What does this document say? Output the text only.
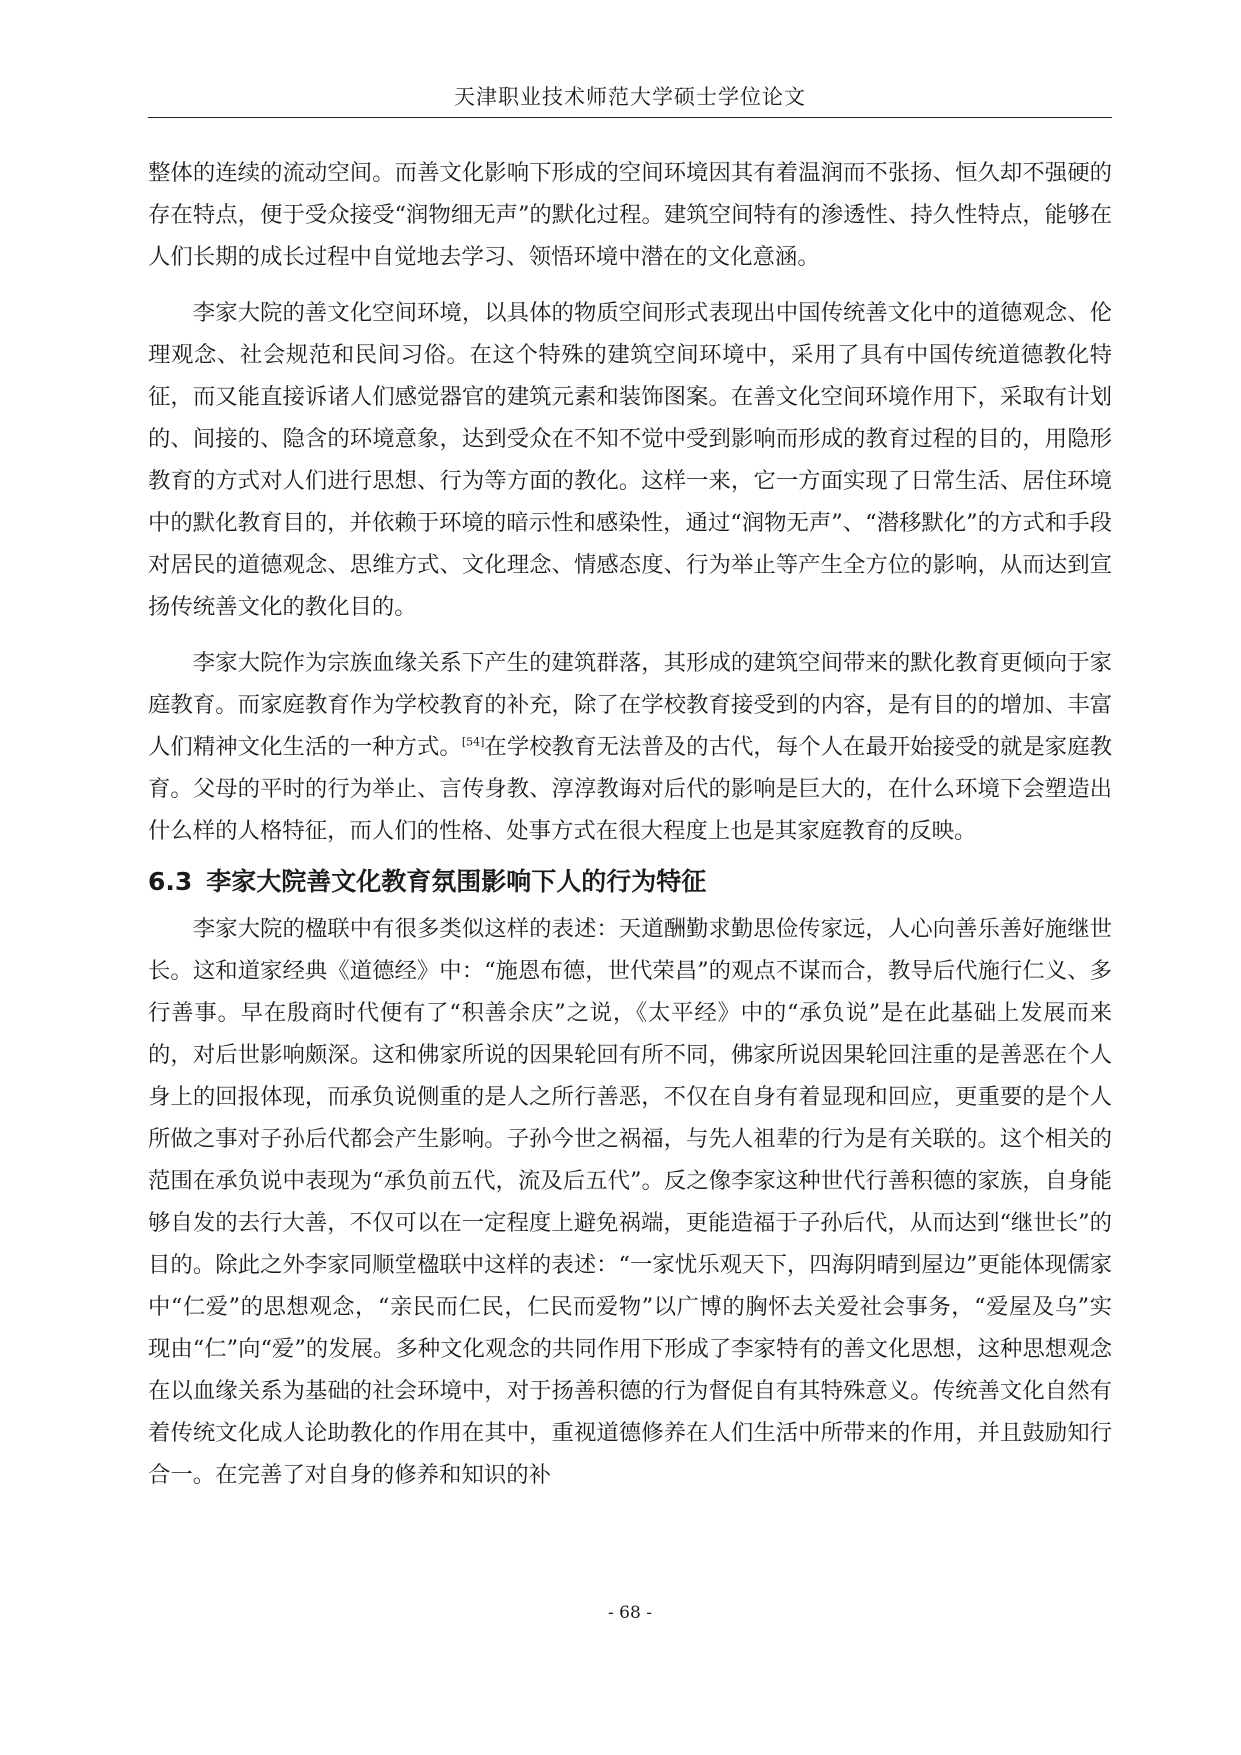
天津职业技术师范大学硕士学位论文

整体的连续的流动空间。而善文化影响下形成的空间环境因其有着温润而不张扬、恒久却不强硬的存在特点，便于受众接受“润物细无声”的默化过程。建筑空间特有的渗透性、持久性特点，能够在人们长期的成长过程中自觉地去学习、领悟环境中潜在的文化意涵。

李家大院的善文化空间环境，以具体的物质空间形式表现出中国传统善文化中的道德观念、伦理观念、社会规范和民间习俗。在这个特殊的建筑空间环境中，采用了具有中国传统道德教化特征，而又能直接诉诸人们感觉器官的建筑元素和装饰图案。在善文化空间环境作用下，采取有计划的、间接的、隐含的环境意象，达到受众在不知不觉中受到影响而形成的教育过程的目的，用隐形教育的方式对人们进行思想、行为等方面的教化。这样一来，它一方面实现了日常生活、居住环境中的默化教育目的，并依赖于环境的暗示性和感染性，通过“润物无声”、“潜移默化”的方式和手段对居民的道德观念、思维方式、文化理念、情感态度、行为举止等产生全方位的影响，从而达到宣扬传统善文化的教化目的。

李家大院作为宗族血缘关系下产生的建筑群落，其形成的建筑空间带来的默化教育更倾向于家庭教育。而家庭教育作为学校教育的补充，除了在学校教育接受到的内容，是有目的的增加、丰富人们精神文化生活的一种方式。[54]在学校教育无法普及的古代，每个人在最开始接受的就是家庭教育。父母的平时的行为举止、言传身教、淳淳教诲对后代的影响是巨大的，在什么环境下会塑造出什么样的人格特征，而人们的性格、处事方式在很大程度上也是其家庭教育的反映。

6.3 李家大院善文化教育氛围影响下人的行为特征

李家大院的楹联中有很多类似这样的表述：天道酬勤求勤思俭传家远，人心向善乐善好施继世长。这和道家经典《道德经》中：“施恩布德，世代荣昌”的观点不谋而合，教导后代施行仁义、多行善事。早在殷商时代便有了“积善余庆”之说，《太平经》中的“承负说”是在此基础上发展而来的，对后世影响颇深。这和佛家所说的因果轮回有所不同，佛家所说因果轮回注重的是善恶在个人身上的回报体现，而承负说侧重的是人之所行善恶，不仅在自身有着显现和回应，更重要的是个人所做之事对子孙后代都会产生影响。子孙今世之祸福，与先人祖辈的行为是有关联的。这个相关的范围在承负说中表现为“承负前五代，流及后五代”。反之像李家这种世代行善积德的家族，自身能够自发的去行大善，不仅可以在一定程度上避免祸端，更能造福于子孙后代，从而达到“继世长”的目的。除此之外李家同顺堂楹联中这样的表述：“一家忧乐观天下，四海阴晴到屋边”更能体现儒家中“仁爱”的思想观念，“亲民而仁民，仁民而爱物”以广博的胸怀去关爱社会事务，“爱屋及乌”实现由“仁”向“爱”的发展。多种文化观念的共同作用下形成了李家特有的善文化思想，这种思想观念在以血缘关系为基础的社会环境中，对于扬善积德的行为督促自有其特殊意义。传统善文化自然有着传统文化成人论助教化的作用在其中，重视道德修养在人们生活中所带来的作用，并且鼓励知行合一。在完善了对自身的修养和知识的补

- 68 -
